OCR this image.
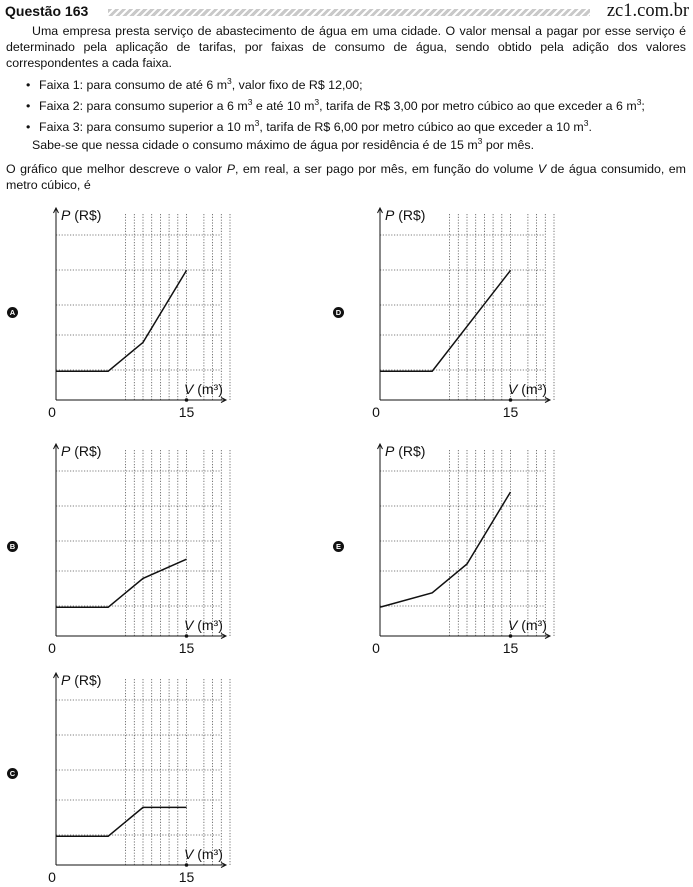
Questão 163	zc1.com.br

Uma empresa presta serviço de abastecimento de água em uma cidade. O valor mensal a pagar por esse serviço é determinado pela aplicação de tarifas, por faixas de consumo de água, sendo obtido pela adição dos valores correspondentes a cada faixa.

• Faixa 1: para consumo de até 6 $m^3$, valor fixo de R$ 12,00;
• Faixa 2: para consumo superior a 6 $m^3$ e até 10 $m^3$, tarifa de R$ 3,00 por metro cúbico ao que exceder a 6 $m^3$;
• Faixa 3: para consumo superior a 10 $m^3$, tarifa de R$ 6,00 por metro cúbico ao que exceder a 10 $m^3$.

Sabe-se que nessa cidade o consumo máximo de água por residência é de 15 $m^3$ por mês.

O gráfico que melhor descreve o valor P, em real, a ser pago por mês, em função do volume V de água consumido, em metro cúbico, é

P (R$)
V (m³)
0	15
P (R$)
V (m³)
0	15
P (R$)
V (m³)
0	15
P (R$)
V (m³)
0	15
P (R$)
V (m³)
0	15
A
B
C
D
E
